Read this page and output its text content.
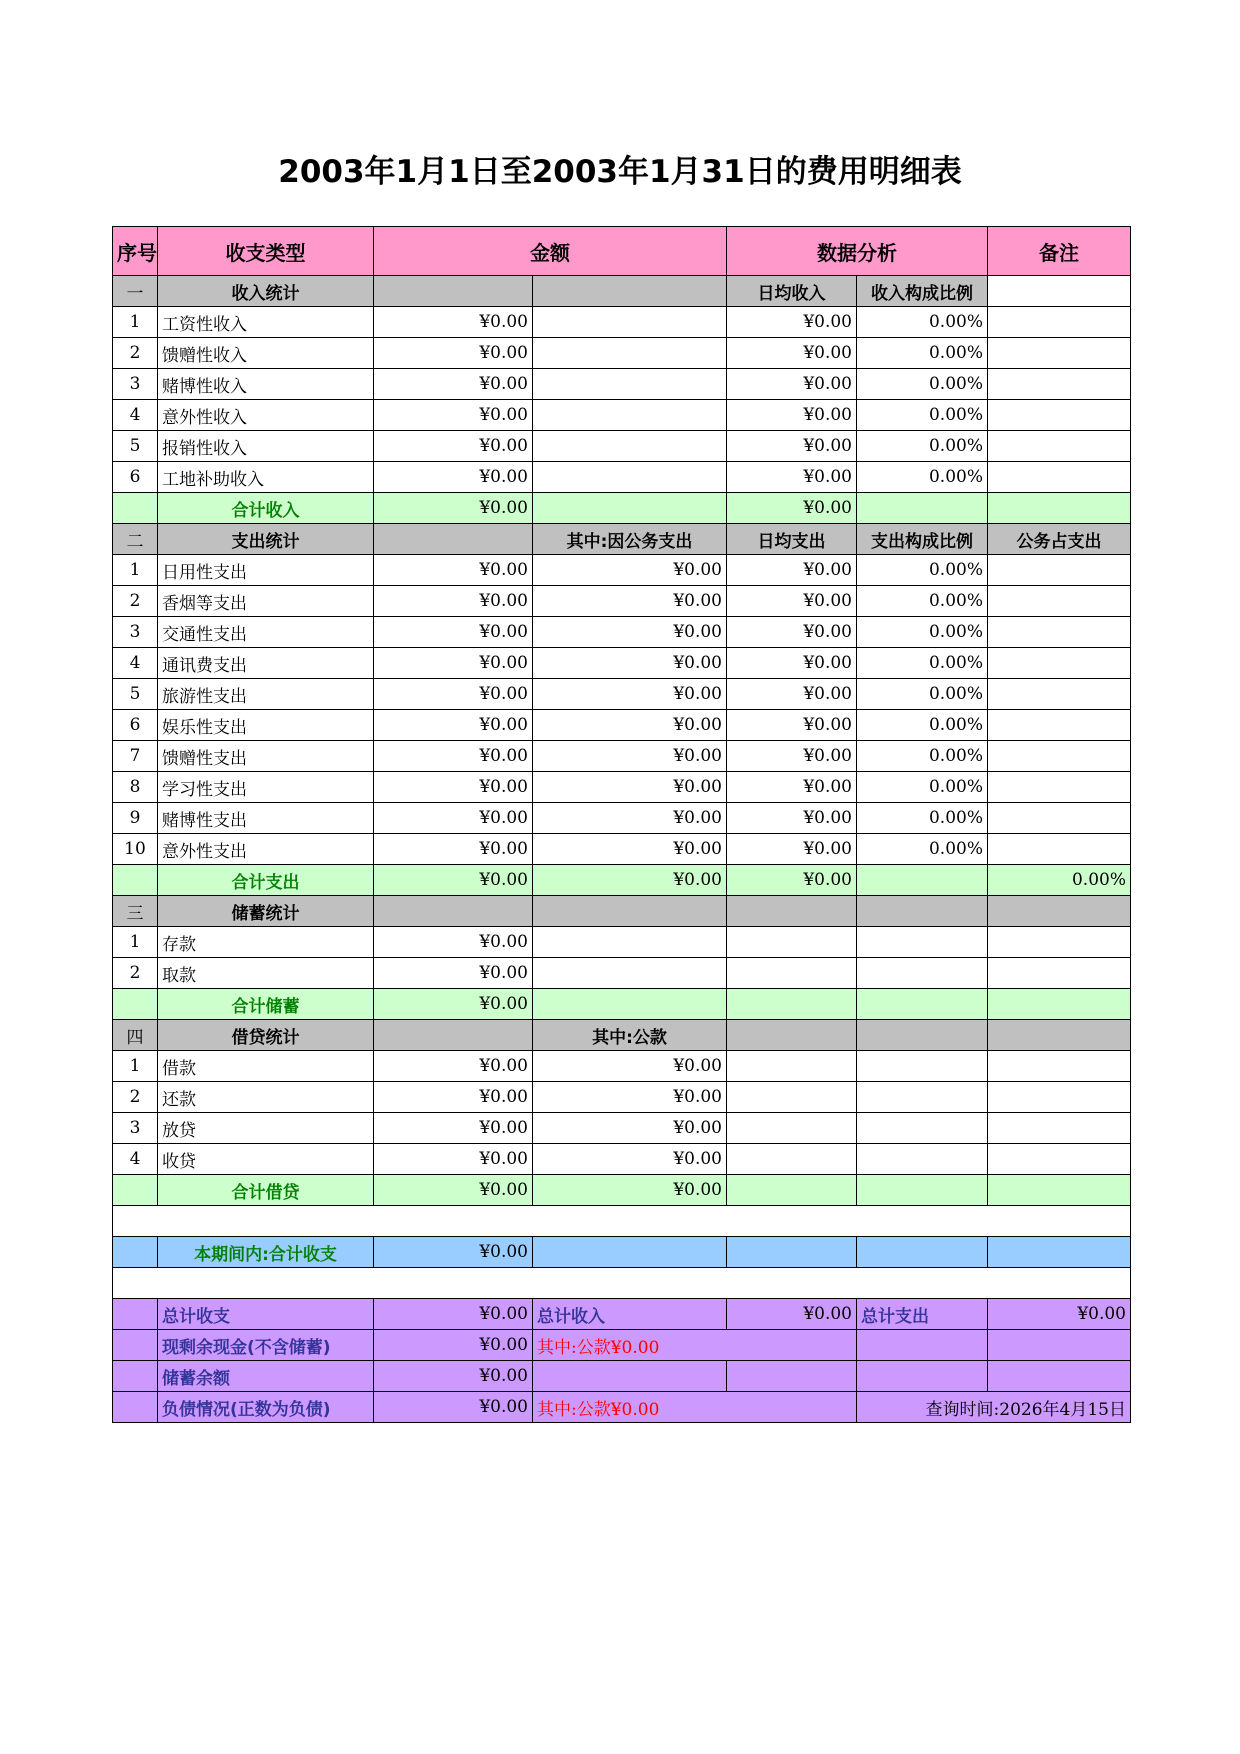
2003年1月1日至2003年1月31日的费用明细表
序号	收支类型	金额		数据分析		备注
一	收入统计			日均收入	收入构成比例	
1	工资性收入	¥0.00		¥0.00	0.00%	
2	馈赠性收入	¥0.00		¥0.00	0.00%	
3	赌博性收入	¥0.00		¥0.00	0.00%	
4	意外性收入	¥0.00		¥0.00	0.00%	
5	报销性收入	¥0.00		¥0.00	0.00%	
6	工地补助收入	¥0.00		¥0.00	0.00%	
	合计收入	¥0.00		¥0.00		
二	支出统计		其中:因公务支出	日均支出	支出构成比例	公务占支出
1	日用性支出	¥0.00	¥0.00	¥0.00	0.00%	
2	香烟等支出	¥0.00	¥0.00	¥0.00	0.00%	
3	交通性支出	¥0.00	¥0.00	¥0.00	0.00%	
4	通讯费支出	¥0.00	¥0.00	¥0.00	0.00%	
5	旅游性支出	¥0.00	¥0.00	¥0.00	0.00%	
6	娱乐性支出	¥0.00	¥0.00	¥0.00	0.00%	
7	馈赠性支出	¥0.00	¥0.00	¥0.00	0.00%	
8	学习性支出	¥0.00	¥0.00	¥0.00	0.00%	
9	赌博性支出	¥0.00	¥0.00	¥0.00	0.00%	
10	意外性支出	¥0.00	¥0.00	¥0.00	0.00%	
	合计支出	¥0.00	¥0.00	¥0.00		0.00%
三	储蓄统计					
1	存款	¥0.00				
2	取款	¥0.00				
	合计储蓄	¥0.00				
四	借贷统计		其中:公款			
1	借款	¥0.00	¥0.00			
2	还款	¥0.00	¥0.00			
3	放贷	¥0.00	¥0.00			
4	收贷	¥0.00	¥0.00			
	合计借贷	¥0.00	¥0.00			

	本期间内:合计收支	¥0.00				

	总计收支	¥0.00	总计收入	¥0.00	总计支出	¥0.00
	现剩余现金(不含储蓄)	¥0.00	其中:公款¥0.00			
	储蓄余额	¥0.00				
	负债情况(正数为负债)	¥0.00	其中:公款¥0.00		查询时间:2026年4月15日	
